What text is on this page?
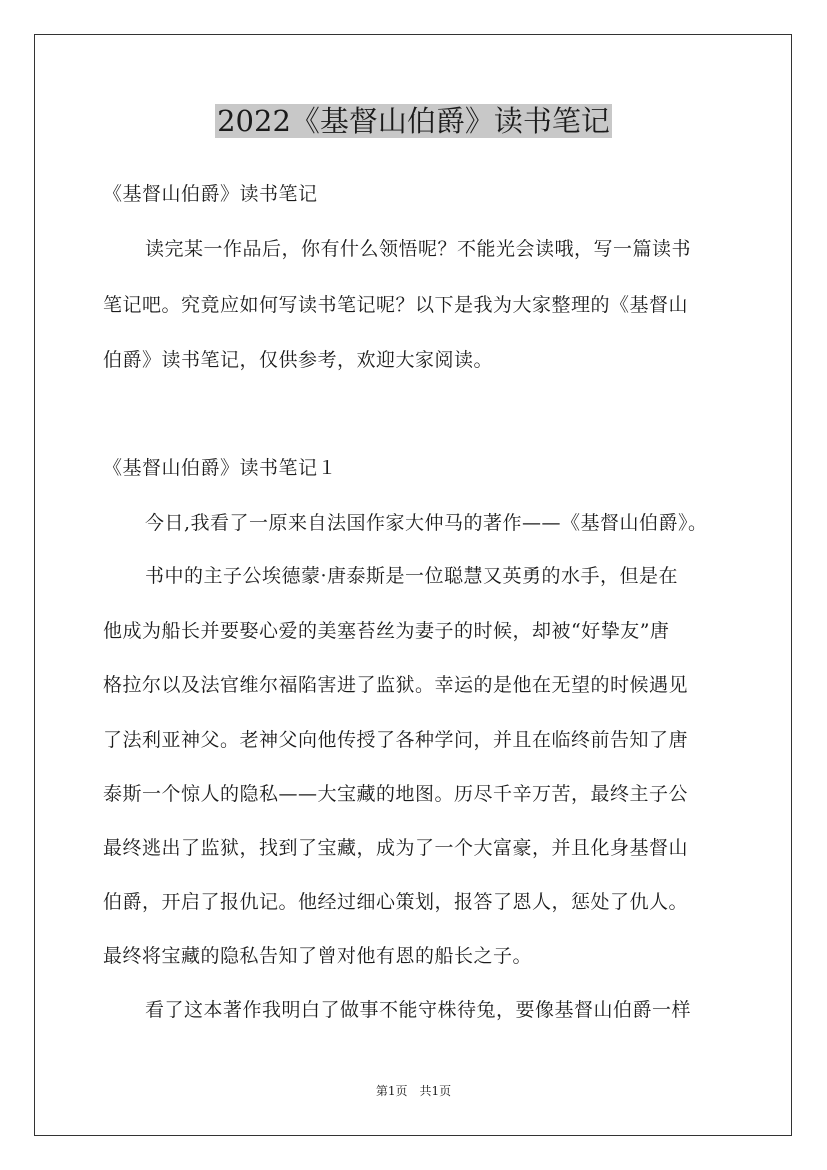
2022《基督山伯爵》读书笔记
《基督山伯爵》读书笔记
读完某一作品后，你有什么领悟呢？不能光会读哦，写一篇读书
笔记吧。究竟应如何写读书笔记呢？以下是我为大家整理的《基督山
伯爵》读书笔记，仅供参考，欢迎大家阅读。
《基督山伯爵》读书笔记１
今日,我看了一原来自法国作家大仲马的著作——《基督山伯爵》。
书中的主子公埃德蒙·唐泰斯是一位聪慧又英勇的水手，但是在
他成为船长并要娶心爱的美塞苔丝为妻子的时候，却被“好挚友”唐
格拉尔以及法官维尔福陷害进了监狱。幸运的是他在无望的时候遇见
了法利亚神父。老神父向他传授了各种学问，并且在临终前告知了唐
泰斯一个惊人的隐私——大宝藏的地图。历尽千辛万苦，最终主子公
最终逃出了监狱，找到了宝藏，成为了一个大富豪，并且化身基督山
伯爵，开启了报仇记。他经过细心策划，报答了恩人，惩处了仇人。
最终将宝藏的隐私告知了曾对他有恩的船长之子。
看了这本著作我明白了做事不能守株待兔，要像基督山伯爵一样
第1页　共1页
